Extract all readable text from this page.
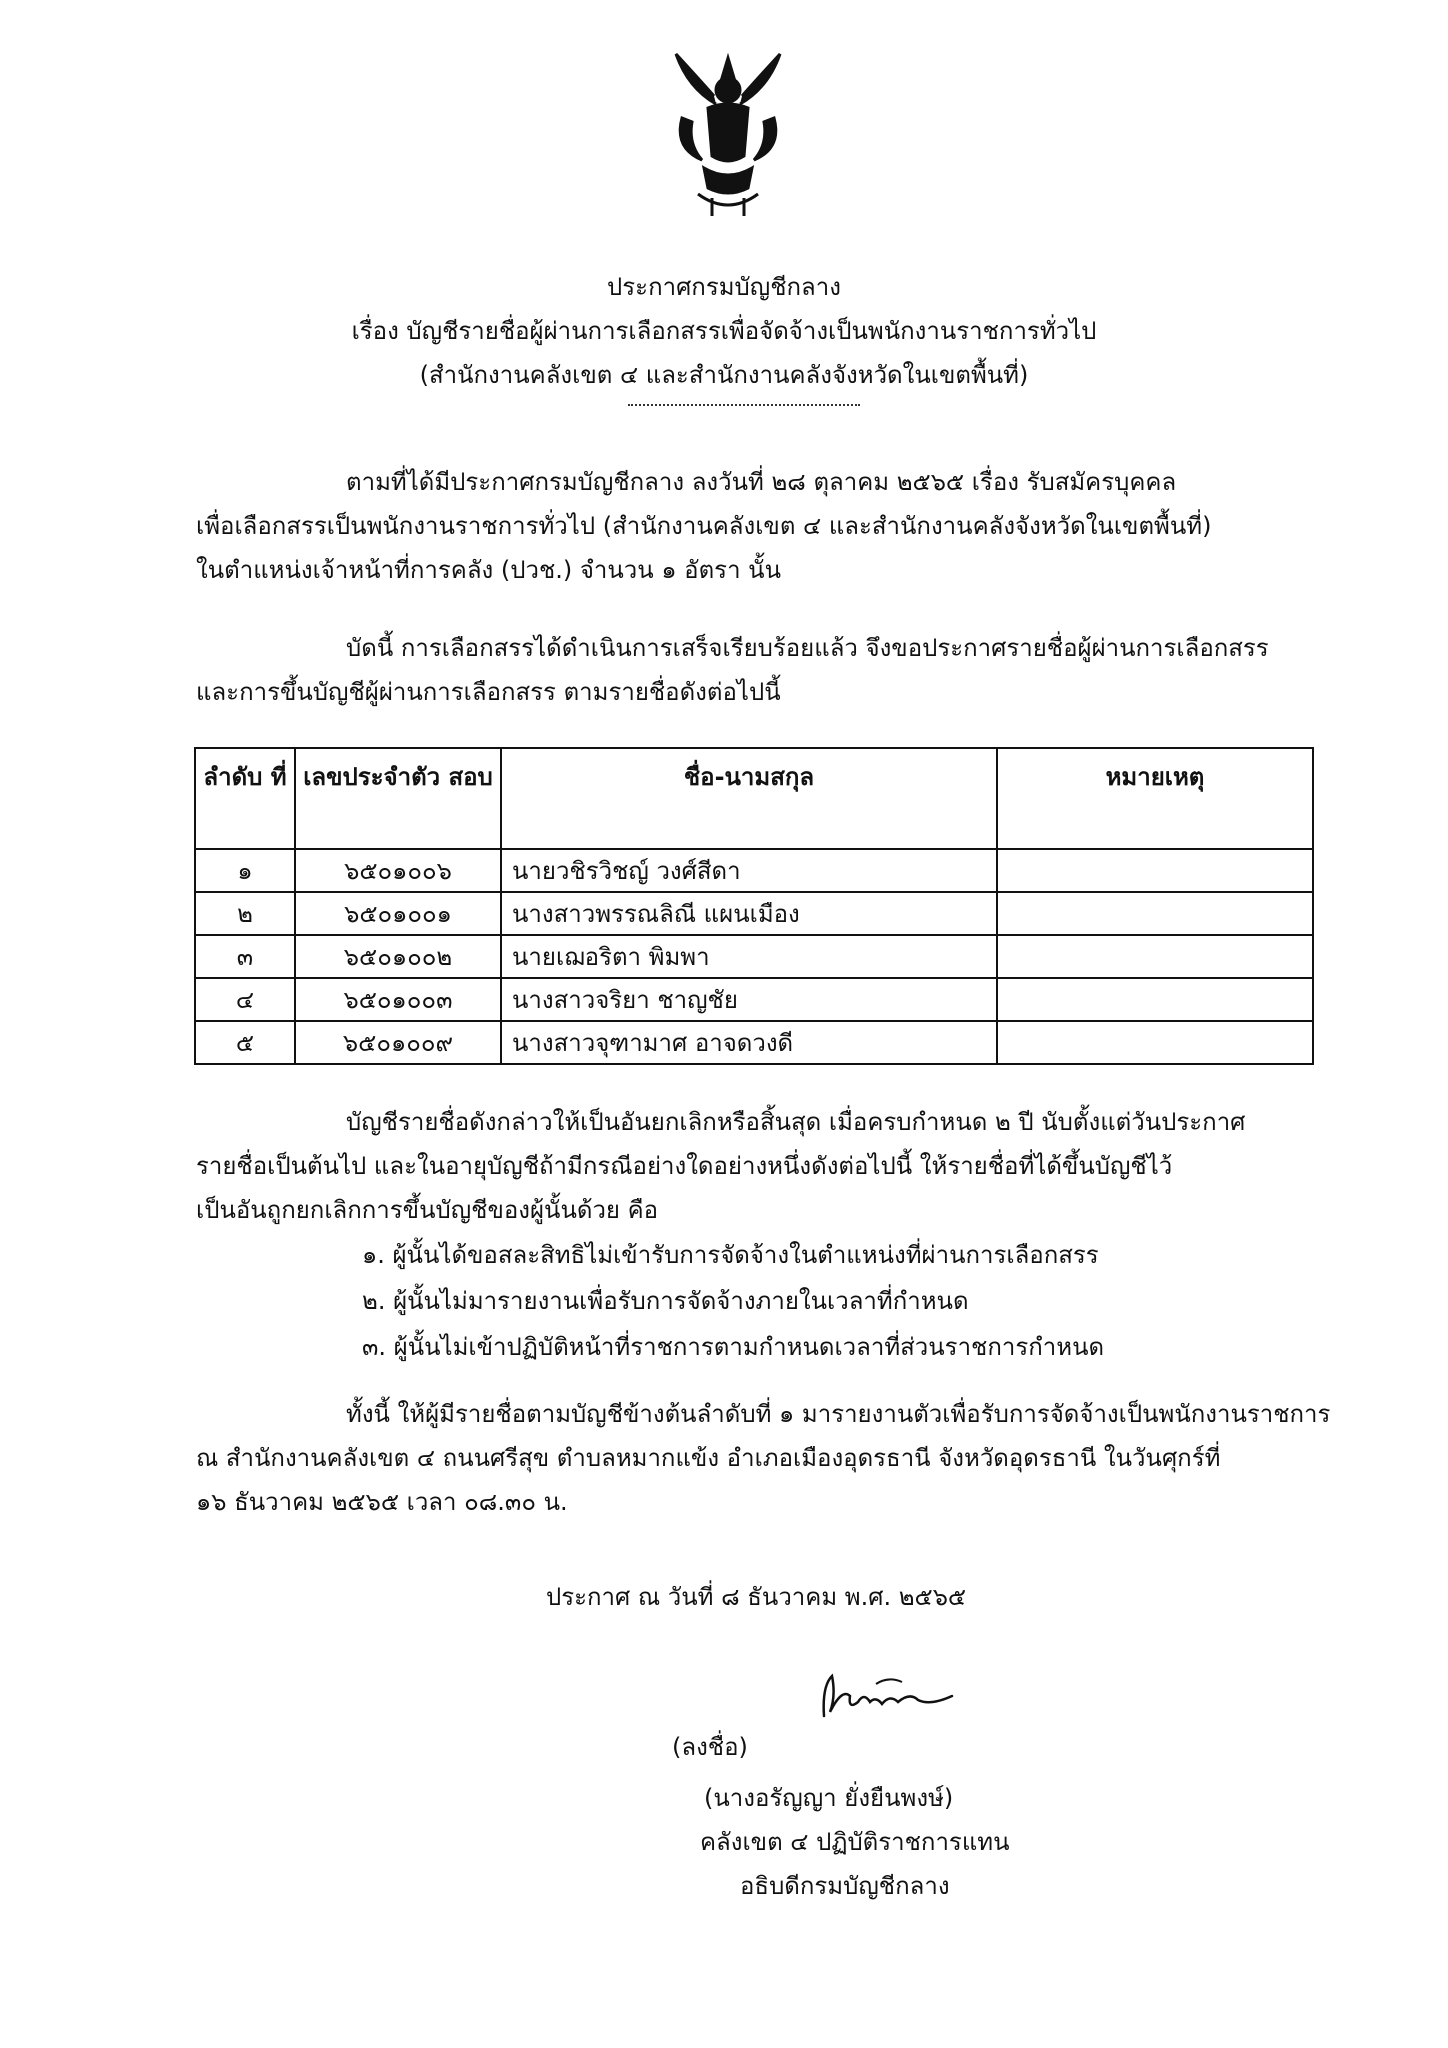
ประกาศกรมบัญชีกลาง
เรื่อง บัญชีรายชื่อผู้ผ่านการเลือกสรรเพื่อจัดจ้างเป็นพนักงานราชการทั่วไป
(สำนักงานคลังเขต ๔ และสำนักงานคลังจังหวัดในเขตพื้นที่)
ตามที่ได้มีประกาศกรมบัญชีกลาง ลงวันที่ ๒๘ ตุลาคม ๒๕๖๕ เรื่อง รับสมัครบุคคล
เพื่อเลือกสรรเป็นพนักงานราชการทั่วไป (สำนักงานคลังเขต ๔ และสำนักงานคลังจังหวัดในเขตพื้นที่)
ในตำแหน่งเจ้าหน้าที่การคลัง (ปวช.) จำนวน ๑ อัตรา นั้น
บัดนี้ การเลือกสรรได้ดำเนินการเสร็จเรียบร้อยแล้ว จึงขอประกาศรายชื่อผู้ผ่านการเลือกสรร
และการขึ้นบัญชีผู้ผ่านการเลือกสรร ตามรายชื่อดังต่อไปนี้
ลำดับ ที่	เลขประจำตัว สอบ	ชื่อ-นามสกุล	หมายเหตุ
๑	๖๕๐๑๐๐๖	นายวชิรวิชญ์ วงศ์สีดา	
๒	๖๕๐๑๐๐๑	นางสาวพรรณลิณี แผนเมือง	
๓	๖๕๐๑๐๐๒	นายเฌอริตา พิมพา	
๔	๖๕๐๑๐๐๓	นางสาวจริยา ชาญชัย	
๕	๖๕๐๑๐๐๙	นางสาวจุฑามาศ อาจดวงดี	
บัญชีรายชื่อดังกล่าวให้เป็นอันยกเลิกหรือสิ้นสุด เมื่อครบกำหนด ๒ ปี นับตั้งแต่วันประกาศ
รายชื่อเป็นต้นไป และในอายุบัญชีถ้ามีกรณีอย่างใดอย่างหนึ่งดังต่อไปนี้ ให้รายชื่อที่ได้ขึ้นบัญชีไว้
เป็นอันถูกยกเลิกการขึ้นบัญชีของผู้นั้นด้วย คือ
๑. ผู้นั้นได้ขอสละสิทธิไม่เข้ารับการจัดจ้างในตำแหน่งที่ผ่านการเลือกสรร
๒. ผู้นั้นไม่มารายงานเพื่อรับการจัดจ้างภายในเวลาที่กำหนด
๓. ผู้นั้นไม่เข้าปฏิบัติหน้าที่ราชการตามกำหนดเวลาที่ส่วนราชการกำหนด
ทั้งนี้ ให้ผู้มีรายชื่อตามบัญชีข้างต้นลำดับที่ ๑ มารายงานตัวเพื่อรับการจัดจ้างเป็นพนักงานราชการ
ณ สำนักงานคลังเขต ๔ ถนนศรีสุข ตำบลหมากแข้ง อำเภอเมืองอุดรธานี จังหวัดอุดรธานี ในวันศุกร์ที่
๑๖ ธันวาคม ๒๕๖๕ เวลา ๐๘.๓๐ น.
ประกาศ ณ วันที่ ๘ ธันวาคม พ.ศ. ๒๕๖๕
(ลงชื่อ)
(นางอรัญญา ยั่งยืนพงษ์)
คลังเขต ๔ ปฏิบัติราชการแทน
อธิบดีกรมบัญชีกลาง
